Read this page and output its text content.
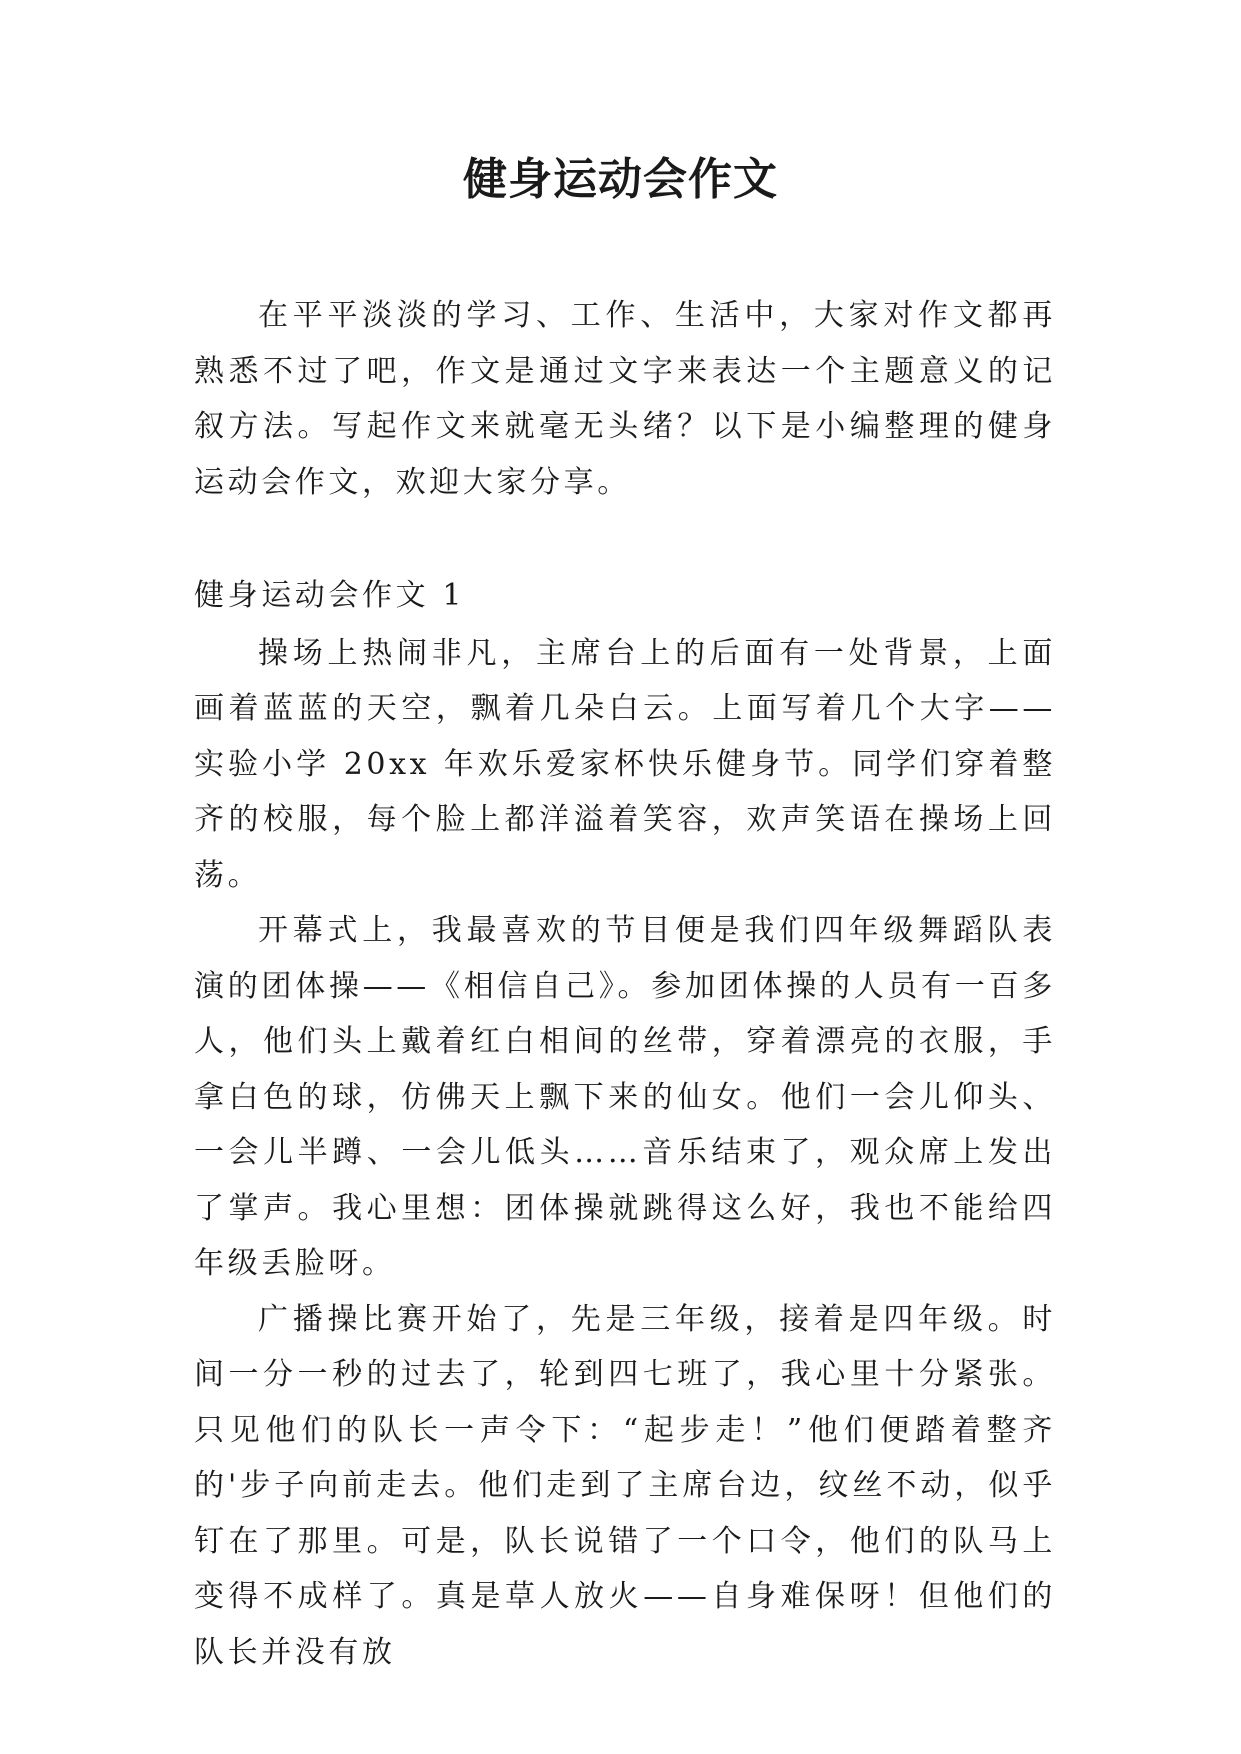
健身运动会作文

在平平淡淡的学习、工作、生活中，大家对作文都再熟悉不过了吧，作文是通过文字来表达一个主题意义的记叙方法。写起作文来就毫无头绪？以下是小编整理的健身运动会作文，欢迎大家分享。

健身运动会作文 1

操场上热闹非凡，主席台上的后面有一处背景，上面画着蓝蓝的天空，飘着几朵白云。上面写着几个大字——实验小学 20xx 年欢乐爱家杯快乐健身节。同学们穿着整齐的校服，每个脸上都洋溢着笑容，欢声笑语在操场上回荡。

开幕式上，我最喜欢的节目便是我们四年级舞蹈队表演的团体操——《相信自己》。参加团体操的人员有一百多人，他们头上戴着红白相间的丝带，穿着漂亮的衣服，手拿白色的球，仿佛天上飘下来的仙女。他们一会儿仰头、一会儿半蹲、一会儿低头……音乐结束了，观众席上发出了掌声。我心里想：团体操就跳得这么好，我也不能给四年级丢脸呀。

广播操比赛开始了，先是三年级，接着是四年级。时间一分一秒的过去了，轮到四七班了，我心里十分紧张。只见他们的队长一声令下：“起步走！”他们便踏着整齐的'步子向前走去。他们走到了主席台边，纹丝不动，似乎钉在了那里。可是，队长说错了一个口令，他们的队马上变得不成样了。真是草人放火——自身难保呀！但他们的队长并没有放
